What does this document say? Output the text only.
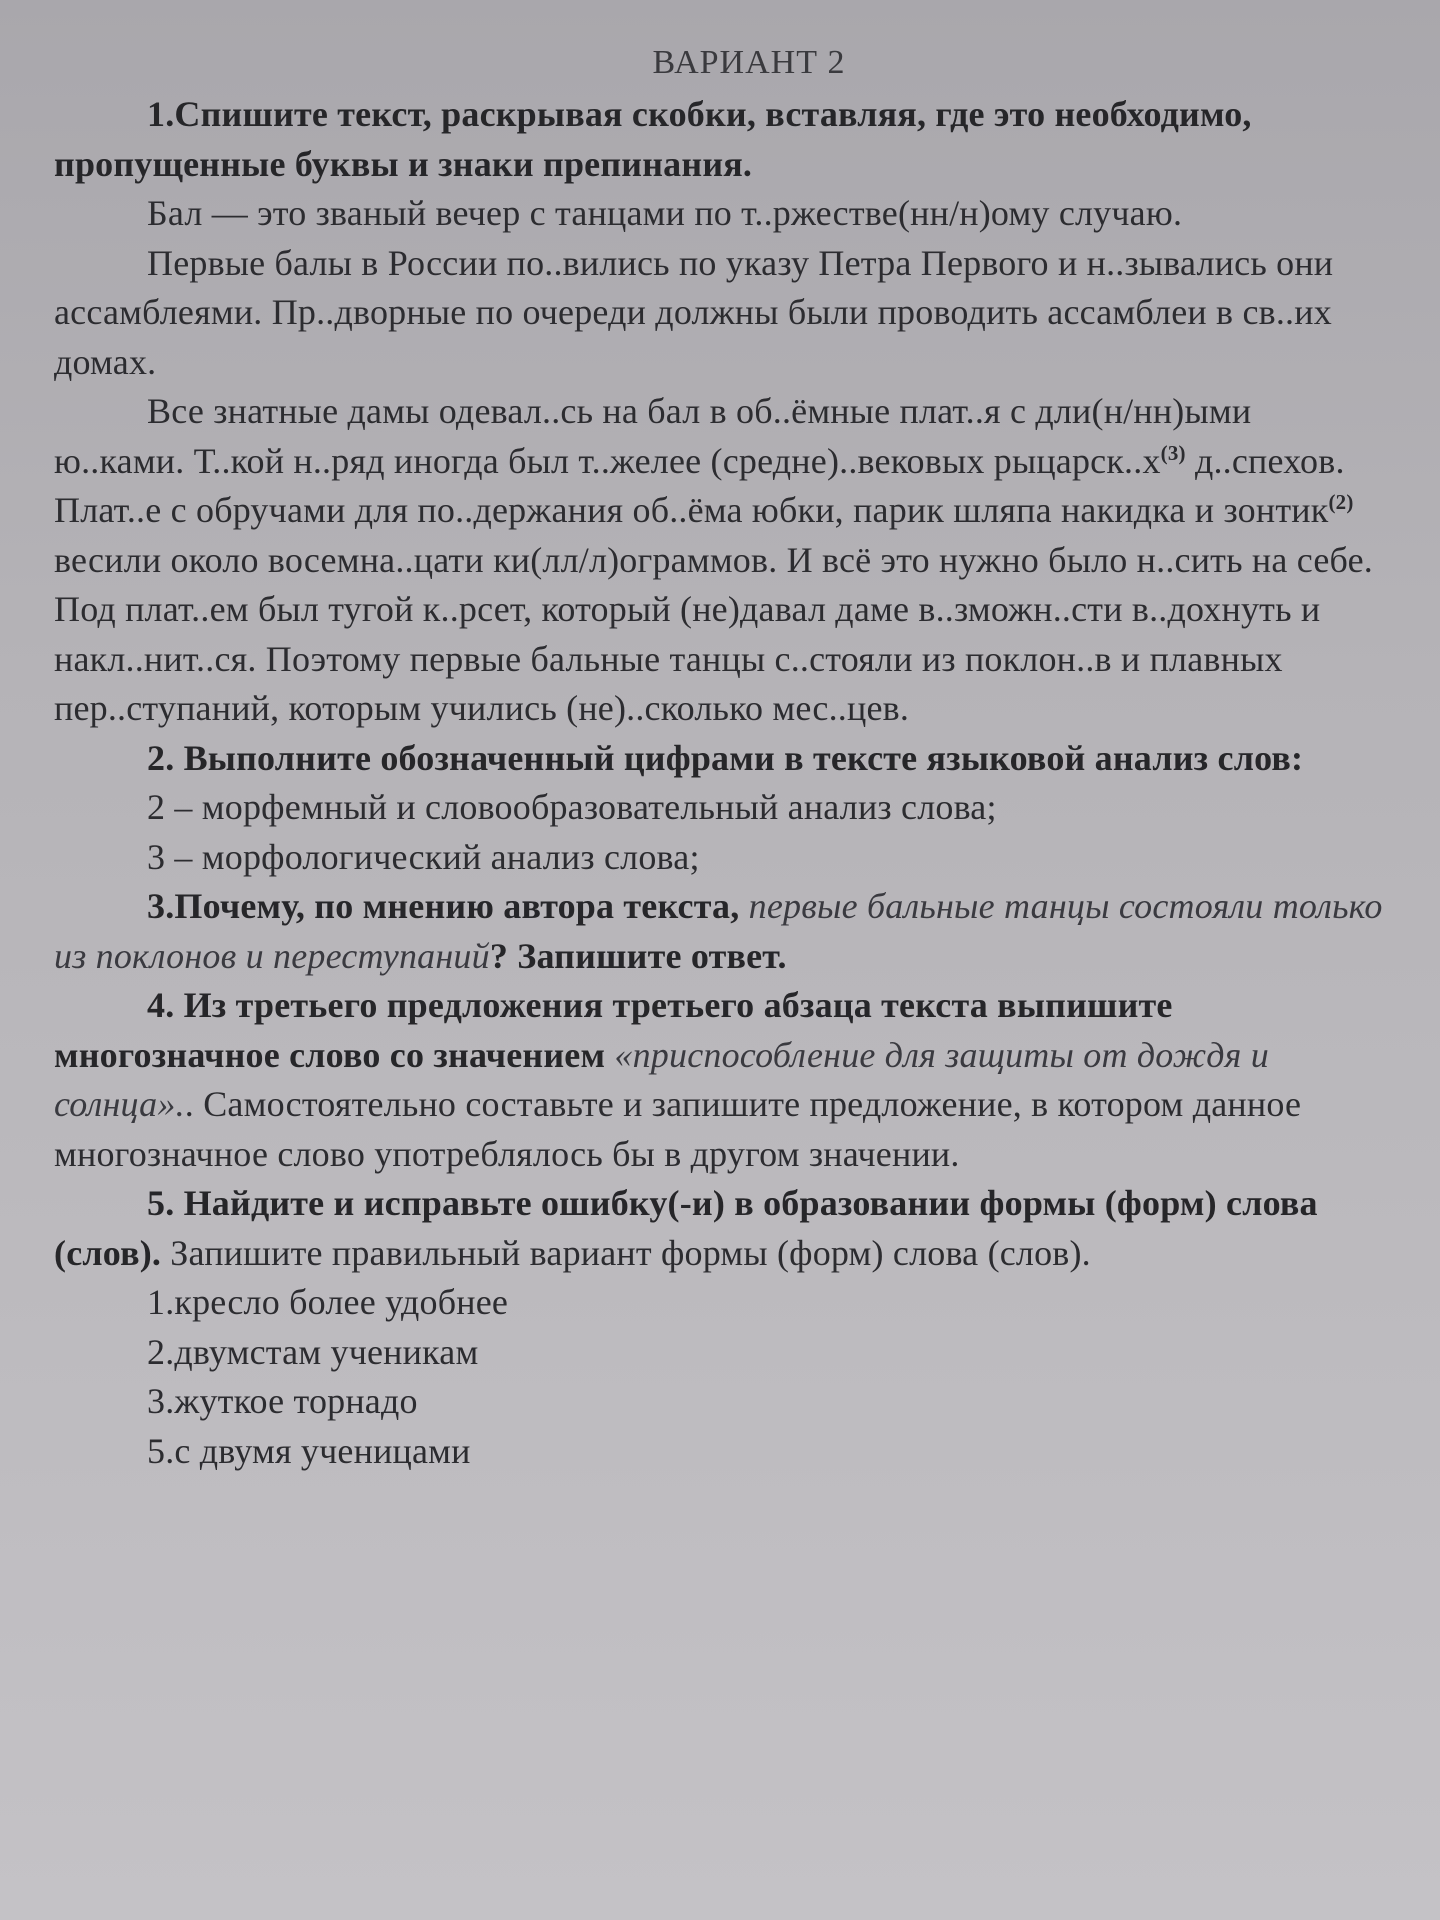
ВАРИАНТ 2

1.Спишите текст, раскрывая скобки, вставляя, где это необходимо, пропущенные буквы и знаки препинания.

Бал — это званый вечер с танцами по т..ржестве(нн/н)ому случаю.

Первые балы в России по..вились по указу Петра Первого и н..зывались они ассамблеями. Пр..дворные по очереди должны были проводить ассамблеи в св..их домах.

Все знатные дамы одевал..сь на бал в об..ёмные плат..я с дли(н/нн)ыми ю..ками. Т..кой н..ряд иногда был т..желее (средне)..вековых $рыцарск..х^{(3)}$ д..спехов. Плат..е с обручами для по..держания об..ёма юбки, парик шляпа накидка и зонтик$^{(2)}$ весили около восемна..цати ки(лл/л)ограммов. И всё это нужно было н..сить на себе. Под плат..ем был тугой к..рсет, который (не)давал даме в..зможн..сти в..дохнуть и накл..нит..ся. Поэтому первые бальные танцы с..стояли из поклон..в и плавных пер..ступаний, которым учились (не)..сколько мес..цев.

2. Выполните обозначенный цифрами в тексте языковой анализ слов:

2 – морфемный и словообразовательный анализ слова;

3 – морфологический анализ слова;

3.Почему, по мнению автора текста, первые бальные танцы состояли только из поклонов и переступаний? Запишите ответ.

4. Из третьего предложения третьего абзаца текста выпишите многозначное слово со значением «приспособление для защиты от дождя и солнца».. Самостоятельно составьте и запишите предложение, в котором данное многозначное слово употреблялось бы в другом значении.

5. Найдите и исправьте ошибку(-и) в образовании формы (форм) слова (слов). Запишите правильный вариант формы (форм) слова (слов).

1.кресло более удобнее

2.двумстам ученикам

3.жуткое торнадо

5.с двумя ученицами
